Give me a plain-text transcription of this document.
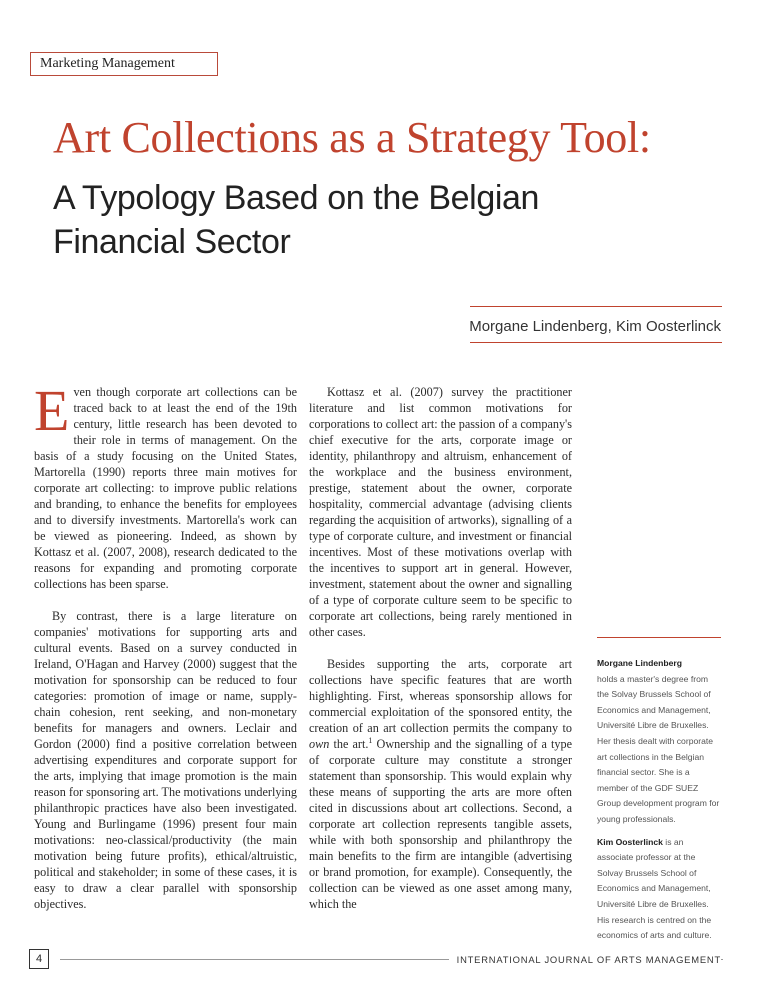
Marketing Management
Art Collections as a Strategy Tool:
A Typology Based on the Belgian Financial Sector
Morgane Lindenberg, Kim Oosterlinck

Even though corporate art collections can be traced back to at least the end of the 19th century, little research has been devoted to their role in terms of management. On the basis of a study focusing on the United States, Martorella (1990) reports three main motives for corporate art collecting: to improve public relations and branding, to enhance the benefits for employees and to diversify investments. Martorella's work can be viewed as pioneering. Indeed, as shown by Kottasz et al. (2007, 2008), research dedicated to the reasons for expanding and promoting corporate collections has been sparse.

By contrast, there is a large literature on companies' motivations for supporting arts and cultural events. Based on a survey conducted in Ireland, O'Hagan and Harvey (2000) suggest that the motivation for sponsorship can be reduced to four categories: promotion of image or name, supply-chain cohesion, rent seeking, and non-monetary benefits for managers and owners. Leclair and Gordon (2000) find a positive correlation between advertising expenditures and corporate support for the arts, implying that image promotion is the main reason for sponsoring art. The motivations underlying philanthropic practices have also been investigated. Young and Burlingame (1996) present four main motivations: neo-classical/productivity (the main motivation being future profits), ethical/altruistic, political and stakeholder; in some of these cases, it is easy to draw a clear parallel with sponsorship objectives.

Kottasz et al. (2007) survey the practitioner literature and list common motivations for corporations to collect art: the passion of a company's chief executive for the arts, corporate image or identity, philanthropy and altruism, enhancement of the workplace and the business environment, prestige, statement about the owner, corporate hospitality, commercial advantage (advising clients regarding the acquisition of artworks), signalling of a type of corporate culture, and investment or financial incentives. Most of these motivations overlap with the incentives to support art in general. However, investment, statement about the owner and signalling of a type of corporate culture seem to be specific to corporate art collections, being rarely mentioned in other cases.

Besides supporting the arts, corporate art collections have specific features that are worth highlighting. First, whereas sponsorship allows for commercial exploitation of the sponsored entity, the creation of an art collection permits the company to own the art.$^1$ Ownership and the signalling of a type of corporate culture may constitute a stronger statement than sponsorship. This would explain why these means of supporting the arts are more often cited in discussions about art collections. Second, a corporate art collection represents tangible assets, while with both sponsorship and philanthropy the main benefits to the firm are intangible (advertising or brand promotion, for example). Consequently, the collection can be viewed as one asset among many, which the

Morgane Lindenberg
holds a master's degree from the Solvay Brussels School of Economics and Management, Université Libre de Bruxelles. Her thesis dealt with corporate art collections in the Belgian financial sector. She is a member of the GDF SUEZ Group development program for young professionals.

Kim Oosterlinck is an associate professor at the Solvay Brussels School of Economics and Management, Université Libre de Bruxelles. His research is centred on the economics of arts and culture.

4	INTERNATIONAL JOURNAL OF ARTS MANAGEMENT
